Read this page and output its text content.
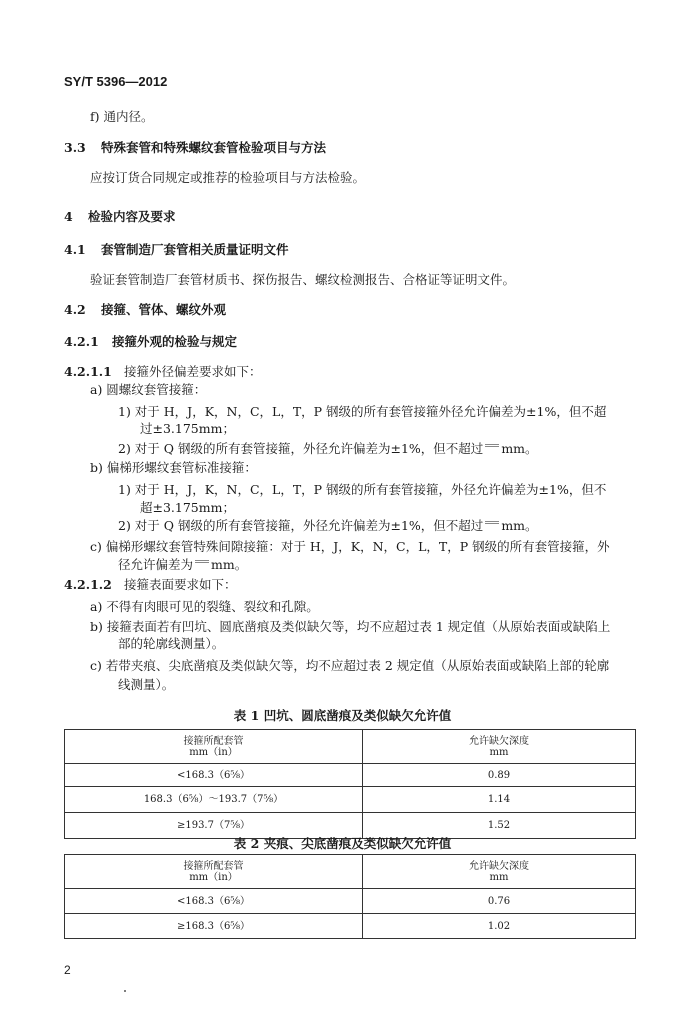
SY/T 5396—2012
f) 通内径。
3.3 特殊套管和特殊螺纹套管检验项目与方法
应按订货合同规定或推荐的检验项目与方法检验。
4 检验内容及要求
4.1 套管制造厂套管相关质量证明文件
验证套管制造厂套管材质书、探伤报告、螺纹检测报告、合格证等证明文件。
4.2 接箍、管体、螺纹外观
4.2.1 接箍外观的检验与规定
4.2.1.1 接箍外径偏差要求如下：
a) 圆螺纹套管接箍：
1) 对于 H，J，K，N，C，L，T，P 钢级的所有套管接箍外径允许偏差为±1%，但不超
过±3.175mm；
2) 对于 Q 钢级的所有套管接箍，外径允许偏差为±1%，但不超过 mm。
b) 偏梯形螺纹套管标准接箍：
1) 对于 H，J，K，N，C，L，T，P 钢级的所有套管接箍，外径允许偏差为±1%，但不
超±3.175mm；
2) 对于 Q 钢级的所有套管接箍，外径允许偏差为±1%，但不超过 mm。
c) 偏梯形螺纹套管特殊间隙接箍：对于 H，J，K，N，C，L，T，P 钢级的所有套管接箍，外
径允许偏差为 mm。
4.2.1.2 接箍表面要求如下：
a) 不得有肉眼可见的裂缝、裂纹和孔隙。
b) 接箍表面若有凹坑、圆底凿痕及类似缺欠等，均不应超过表 1 规定值（从原始表面或缺陷上
部的轮廓线测量）。
c) 若带夹痕、尖底凿痕及类似缺欠等，均不应超过表 2 规定值（从原始表面或缺陷上部的轮廓
线测量）。
表 1 凹坑、圆底凿痕及类似缺欠允许值
接箍所配套管
mm（in）	允许缺欠深度
mm
<168.3（6⅝）	0.89
168.3（6⅝）～193.7（7⅝）	1.14
≥193.7（7⅝）	1.52
表 2 夹痕、尖底凿痕及类似缺欠允许值
接箍所配套管
mm（in）	允许缺欠深度
mm
<168.3（6⅝）	0.76
≥168.3（6⅝）	1.02
2
